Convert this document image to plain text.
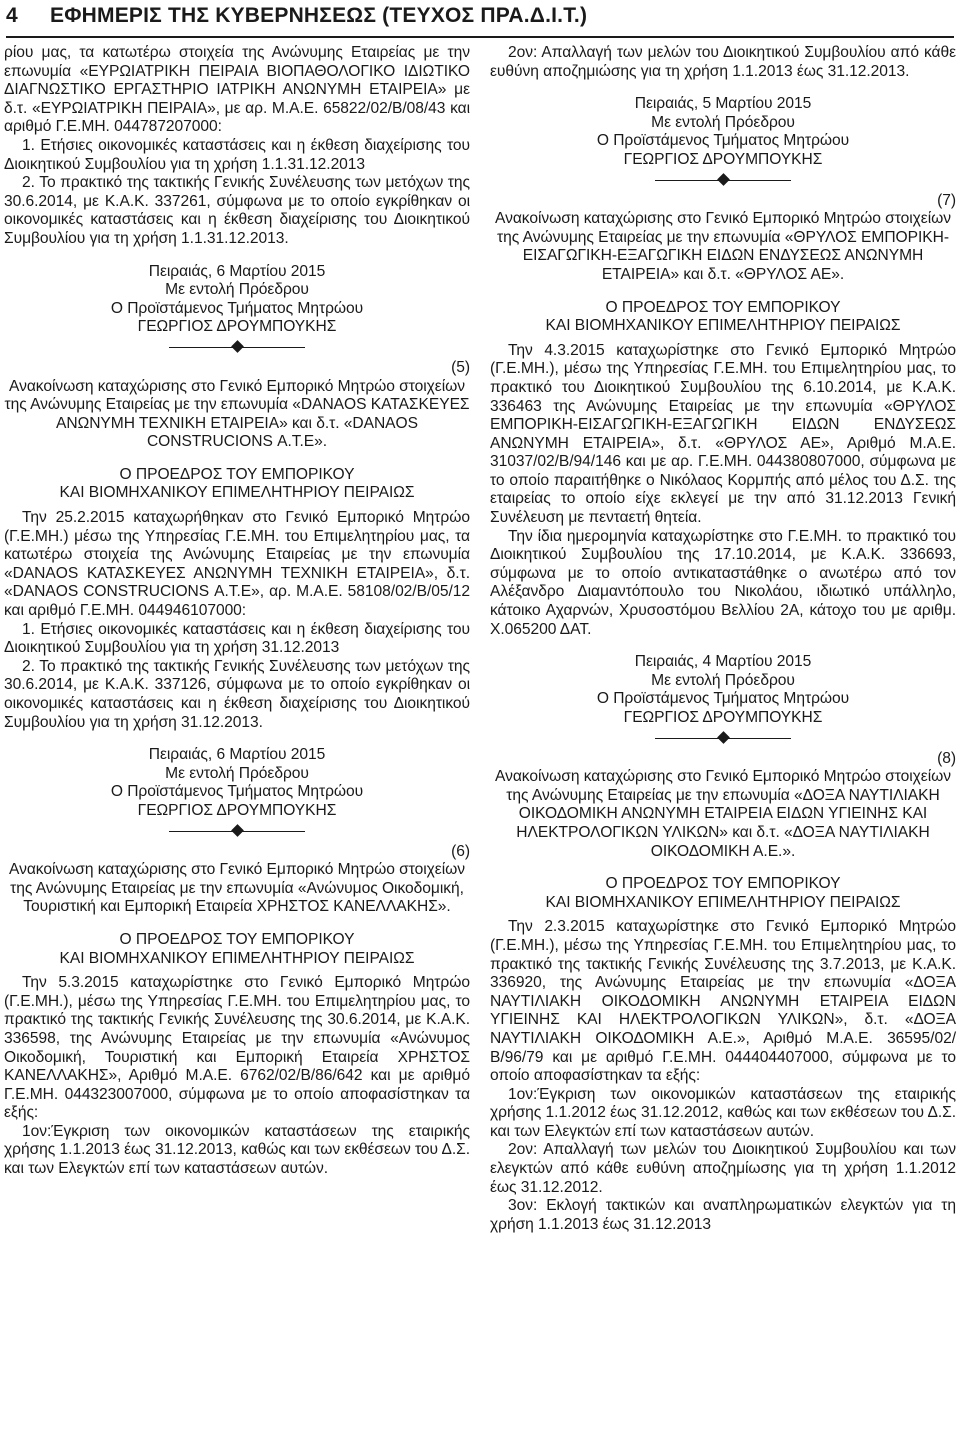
4 ΕΦΗΜΕΡΙΣ ΤΗΣ ΚΥΒΕΡΝΗΣΕΩΣ (ΤΕΥΧΟΣ ΠΡΑ.Δ.Ι.Τ.)

ρίου μας, τα κατωτέρω στοιχεία της Ανώνυμης Εταιρείας με την επωνυμία «ΕΥΡΩΙΑΤΡΙΚΗ ΠΕΙΡΑΙΑ ΒΙΟΠΑΘΟΛΟΓΙΚΟ ΙΔΙΩΤΙΚΟ ΔΙΑΓΝΩΣΤΙΚΟ ΕΡΓΑΣΤΗΡΙΟ ΙΑΤΡΙΚΗ ΑΝΩΝΥΜΗ ΕΤΑΙΡΕΙΑ» με δ.τ. «ΕΥΡΩΙΑΤΡΙΚΗ ΠΕΙΡΑΙΑ», με αρ. Μ.Α.Ε. 65822/02/Β/08/43 και αριθμό Γ.Ε.ΜΗ. 044787207000:

1. Ετήσιες οικονομικές καταστάσεις και η έκθεση διαχείρισης του Διοικητικού Συμβουλίου για τη χρήση 1.1.31.12.2013

2. Το πρακτικό της τακτικής Γενικής Συνέλευσης των μετόχων της 30.6.2014, με Κ.Α.Κ. 337261, σύμφωνα με το οποίο εγκρίθηκαν οι οικονομικές καταστάσεις και η έκθεση διαχείρισης του Διοικητικού Συμβουλίου για τη χρήση 1.1.31.12.2013.

Πειραιάς, 6 Μαρτίου 2015

Με εντολή Πρόεδρου

Ο Προϊστάμενος Τμήματος Μητρώου

ΓΕΩΡΓΙΟΣ ΔΡΟΥΜΠΟΥΚΗΣ

(5)

Ανακοίνωση καταχώρισης στο Γενικό Εμπορικό Μητρώο στοιχείων της Ανώνυμης Εταιρείας με την επωνυμία «DANAOS ΚΑΤΑΣΚΕΥΕΣ ΑΝΩΝΥΜΗ ΤΕΧΝΙΚΗ ΕΤΑΙΡΕΙΑ» και δ.τ. «DANAOS CONSTRUCIONS Α.Τ.Ε».

Ο ΠΡΟΕΔΡΟΣ ΤΟΥ ΕΜΠΟΡΙΚΟΥ

ΚΑΙ ΒΙΟΜΗΧΑΝΙΚΟΥ ΕΠΙΜΕΛΗΤΗΡΙΟΥ ΠΕΙΡΑΙΩΣ

Την 25.2.2015 καταχωρήθηκαν στο Γενικό Εμπορικό Μητρώο (Γ.Ε.ΜΗ.) μέσω της Υπηρεσίας Γ.Ε.ΜΗ. του Επιμελητηρίου μας, τα κατωτέρω στοιχεία της Ανώνυμης Εταιρείας με την επωνυμία «DANAOS ΚΑΤΑΣΚΕΥΕΣ ΑΝΩΝΥΜΗ ΤΕΧΝΙΚΗ ΕΤΑΙΡΕΙΑ», δ.τ. «DANAOS CONSTRUCIONS Α.Τ.Ε», αρ. Μ.Α.Ε. 58108/02/Β/05/12 και αριθμό Γ.Ε.ΜΗ. 044946107000:

1. Ετήσιες οικονομικές καταστάσεις και η έκθεση διαχείρισης του Διοικητικού Συμβουλίου για τη χρήση 31.12.2013

2. Το πρακτικό της τακτικής Γενικής Συνέλευσης των μετόχων της 30.6.2014, με Κ.Α.Κ. 337126, σύμφωνα με το οποίο εγκρίθηκαν οι οικονομικές καταστάσεις και η έκθεση διαχείρισης του Διοικητικού Συμβουλίου για τη χρήση 31.12.2013.

Πειραιάς, 6 Μαρτίου 2015

Με εντολή Πρόεδρου

Ο Προϊστάμενος Τμήματος Μητρώου

ΓΕΩΡΓΙΟΣ ΔΡΟΥΜΠΟΥΚΗΣ

(6)

Ανακοίνωση καταχώρισης στο Γενικό Εμπορικό Μητρώο στοιχείων της Ανώνυμης Εταιρείας με την επωνυμία «Ανώνυμος Οικοδομική, Τουριστική και Εμπορική Εταιρεία ΧΡΗΣΤΟΣ ΚΑΝΕΛΛΑΚΗΣ».

Ο ΠΡΟΕΔΡΟΣ ΤΟΥ ΕΜΠΟΡΙΚΟΥ

ΚΑΙ ΒΙΟΜΗΧΑΝΙΚΟΥ ΕΠΙΜΕΛΗΤΗΡΙΟΥ ΠΕΙΡΑΙΩΣ

Την 5.3.2015 καταχωρίστηκε στο Γενικό Εμπορικό Μητρώο (Γ.Ε.ΜΗ.), μέσω της Υπηρεσίας Γ.Ε.ΜΗ. του Επιμελητηρίου μας, το πρακτικό της τακτικής Γενικής Συνέλευσης της 30.6.2014, με Κ.Α.Κ. 336598, της Ανώνυμης Εταιρείας με την επωνυμία «Ανώνυμος Οικοδομική, Τουριστική και Εμπορική Εταιρεία ΧΡΗΣΤΟΣ ΚΑΝΕΛΛΑΚΗΣ», Αριθμό Μ.Α.Ε. 6762/02/Β/86/642 και με αριθμό Γ.Ε.ΜΗ. 044323007000, σύμφωνα με το οποίο αποφασίστηκαν τα εξής:

1ον:Έγκριση των οικονομικών καταστάσεων της εταιρικής χρήσης 1.1.2013 έως 31.12.2013, καθώς και των εκθέσεων του Δ.Σ. και των Ελεγκτών επί των καταστάσεων αυτών.

2ον: Απαλλαγή των μελών του Διοικητικού Συμβουλίου από κάθε ευθύνη αποζημιώσης για τη χρήση 1.1.2013 έως 31.12.2013.

Πειραιάς, 5 Μαρτίου 2015

Με εντολή Πρόεδρου

Ο Προϊστάμενος Τμήματος Μητρώου

ΓΕΩΡΓΙΟΣ ΔΡΟΥΜΠΟΥΚΗΣ

(7)

Ανακοίνωση καταχώρισης στο Γενικό Εμπορικό Μητρώο στοιχείων της Ανώνυμης Εταιρείας με την επωνυμία «ΘΡΥΛΟΣ ΕΜΠΟΡΙΚΗ-ΕΙΣΑΓΩΓΙΚΗ-ΕΞΑΓΩΓΙΚΗ ΕΙΔΩΝ ΕΝΔΥΣΕΩΣ ΑΝΩΝΥΜΗ ΕΤΑΙΡΕΙΑ» και δ.τ. «ΘΡΥΛΟΣ ΑΕ».

Ο ΠΡΟΕΔΡΟΣ ΤΟΥ ΕΜΠΟΡΙΚΟΥ

ΚΑΙ ΒΙΟΜΗΧΑΝΙΚΟΥ ΕΠΙΜΕΛΗΤΗΡΙΟΥ ΠΕΙΡΑΙΩΣ

Την 4.3.2015 καταχωρίστηκε στο Γενικό Εμπορικό Μητρώο (Γ.Ε.ΜΗ.), μέσω της Υπηρεσίας Γ.Ε.ΜΗ. του Επιμελητηρίου μας, το πρακτικό του Διοικητικού Συμβουλίου της 6.10.2014, με Κ.Α.Κ. 336463 της Ανώνυμης Εταιρείας με την επωνυμία «ΘΡΥΛΟΣ ΕΜΠΟΡΙΚΗ-ΕΙΣΑΓΩΓΙΚΗ-ΕΞΑΓΩΓΙΚΗ ΕΙΔΩΝ ΕΝΔΥΣΕΩΣ ΑΝΩΝΥΜΗ ΕΤΑΙΡΕΙΑ», δ.τ. «ΘΡΥΛΟΣ ΑΕ», Αριθμό Μ.Α.Ε. 31037/02/Β/94/146 και με αρ. Γ.Ε.ΜΗ. 044380807000, σύμφωνα με το οποίο παραιτήθηκε ο Νικόλαος Κορμπής από μέλος του Δ.Σ. της εταιρείας το οποίο είχε εκλεγεί με την από 31.12.2013 Γενική Συνέλευση με πενταετή θητεία.

Την ίδια ημερομηνία καταχωρίστηκε στο Γ.Ε.ΜΗ. το πρακτικό του Διοικητικού Συμβουλίου της 17.10.2014, με Κ.Α.Κ. 336693, σύμφωνα με το οποίο αντικαταστάθηκε ο ανωτέρω από τον Αλέξανδρο Διαμαντόπουλο του Νικολάου, ιδιωτικό υπάλληλο, κάτοικο Αχαρνών, Χρυσοστόμου Βελλίου 2Α, κάτοχο του με αριθμ. Χ.065200 ΔΑΤ.

Πειραιάς, 4 Μαρτίου 2015

Με εντολή Πρόεδρου

Ο Προϊστάμενος Τμήματος Μητρώου

ΓΕΩΡΓΙΟΣ ΔΡΟΥΜΠΟΥΚΗΣ

(8)

Ανακοίνωση καταχώρισης στο Γενικό Εμπορικό Μητρώο στοιχείων της Ανώνυμης Εταιρείας με την επωνυμία «ΔΟΞΑ ΝΑΥΤΙΛΙΑΚΗ ΟΙΚΟΔΟΜΙΚΗ ΑΝΩΝΥΜΗ ΕΤΑΙΡΕΙΑ ΕΙΔΩΝ ΥΓΙΕΙΝΗΣ ΚΑΙ ΗΛΕΚΤΡΟΛΟΓΙΚΩΝ ΥΛΙΚΩΝ» και δ.τ. «ΔΟΞΑ ΝΑΥΤΙΛΙΑΚΗ ΟΙΚΟΔΟΜΙΚΗ Α.Ε.».

Ο ΠΡΟΕΔΡΟΣ ΤΟΥ ΕΜΠΟΡΙΚΟΥ

ΚΑΙ ΒΙΟΜΗΧΑΝΙΚΟΥ ΕΠΙΜΕΛΗΤΗΡΙΟΥ ΠΕΙΡΑΙΩΣ

Την 2.3.2015 καταχωρίστηκε στο Γενικό Εμπορικό Μητρώο (Γ.Ε.ΜΗ.), μέσω της Υπηρεσίας Γ.Ε.ΜΗ. του Επιμελητηρίου μας, το πρακτικό της τακτικής Γενικής Συνέλευσης της 3.7.2013, με Κ.Α.Κ. 336920, της Ανώνυμης Εταιρείας με την επωνυμία «ΔΟΞΑ ΝΑΥΤΙΛΙΑΚΗ ΟΙΚΟΔΟΜΙΚΗ ΑΝΩΝΥΜΗ ΕΤΑΙΡΕΙΑ ΕΙΔΩΝ ΥΓΙΕΙΝΗΣ ΚΑΙ ΗΛΕΚΤΡΟΛΟΓΙΚΩΝ ΥΛΙΚΩΝ», δ.τ. «ΔΟΞΑ ΝΑΥΤΙΛΙΑΚΗ ΟΙΚΟΔΟΜΙΚΗ Α.Ε.», Αριθμό Μ.Α.Ε. 36595/02/Β/96/79 και με αριθμό Γ.Ε.ΜΗ. 044404407000, σύμφωνα με το οποίο αποφασίστηκαν τα εξής:

1ον:Έγκριση των οικονομικών καταστάσεων της εταιρικής χρήσης 1.1.2012 έως 31.12.2012, καθώς και των εκθέσεων του Δ.Σ. και των Ελεγκτών επί των καταστάσεων αυτών.

2ον: Απαλλαγή των μελών του Διοικητικού Συμβουλίου και των ελεγκτών από κάθε ευθύνη αποζημίωσης για τη χρήση 1.1.2012 έως 31.12.2012.

3ον: Εκλογή τακτικών και αναπληρωματικών ελεγκτών για τη χρήση 1.1.2013 έως 31.12.2013
